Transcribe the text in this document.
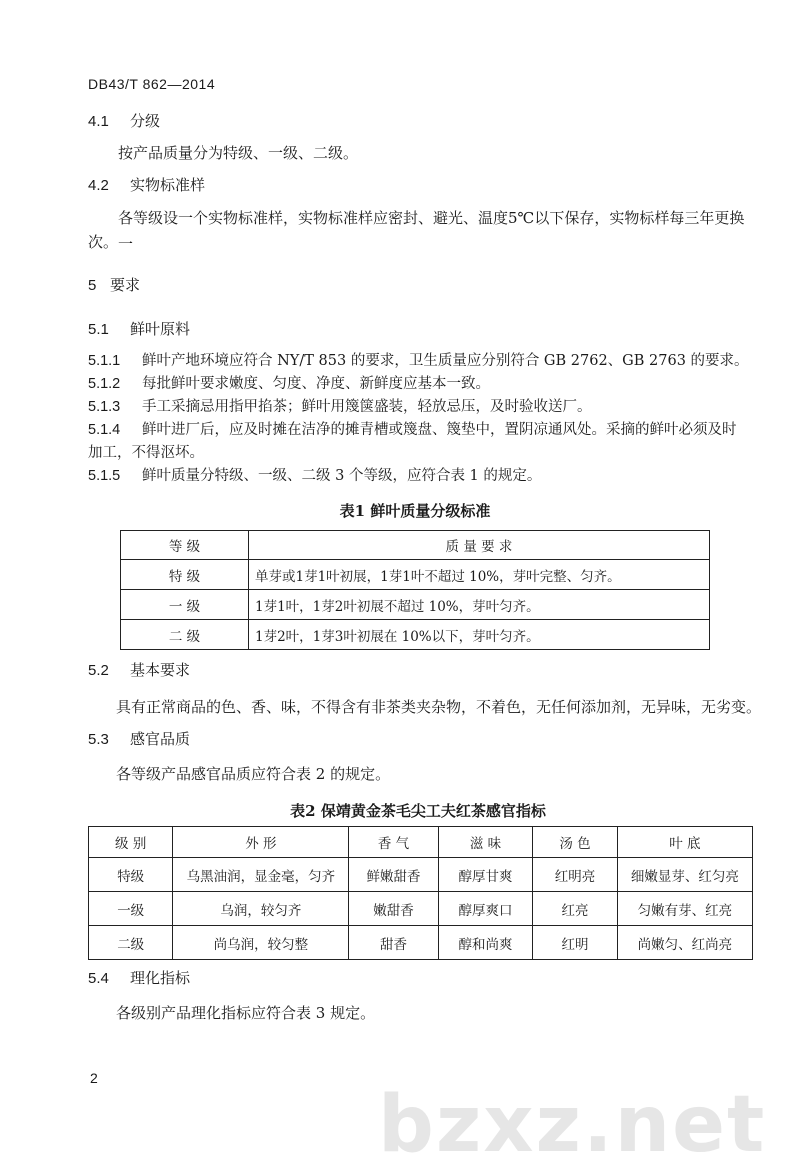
DB43/T 862—2014
4.1 分级
按产品质量分为特级、一级、二级。
4.2 实物标准样
各等级设一个实物标准样，实物标准样应密封、避光、温度5℃以下保存，实物标样每三年更换一
次。
5 要求
5.1 鲜叶原料
5.1.1 鲜叶产地环境应符合 NY/T 853 的要求，卫生质量应分别符合 GB 2762、GB 2763 的要求。
5.1.2 每批鲜叶要求嫩度、匀度、净度、新鲜度应基本一致。
5.1.3 手工采摘忌用指甲掐茶；鲜叶用篾箧盛装，轻放忌压，及时验收送厂。
5.1.4 鲜叶进厂后，应及时摊在洁净的摊青槽或篾盘、篾垫中，置阴凉通风处。采摘的鲜叶必须及时
加工，不得沤坏。
5.1.5 鲜叶质量分特级、一级、二级 3 个等级，应符合表 1 的规定。
表1 鲜叶质量分级标准
等 级	质 量 要 求
特 级	单芽或1芽1叶初展，1芽1叶不超过 10%，芽叶完整、匀齐。
一 级	1芽1叶，1芽2叶初展不超过 10%，芽叶匀齐。
二 级	1芽2叶，1芽3叶初展在 10%以下，芽叶匀齐。
5.2 基本要求
具有正常商品的色、香、味，不得含有非茶类夹杂物，不着色，无任何添加剂，无异味，无劣变。
5.3 感官品质
各等级产品感官品质应符合表 2 的规定。
表2 保靖黄金茶毛尖工夫红茶感官指标
级 别	外 形	香 气	滋 味	汤 色	叶 底
特级	乌黑油润，显金毫，匀齐	鲜嫩甜香	醇厚甘爽	红明亮	细嫩显芽、红匀亮
一级	乌润，较匀齐	嫩甜香	醇厚爽口	红亮	匀嫩有芽、红亮
二级	尚乌润，较匀整	甜香	醇和尚爽	红明	尚嫩匀、红尚亮
5.4 理化指标
各级别产品理化指标应符合表 3 规定。
2
bzxz.net
